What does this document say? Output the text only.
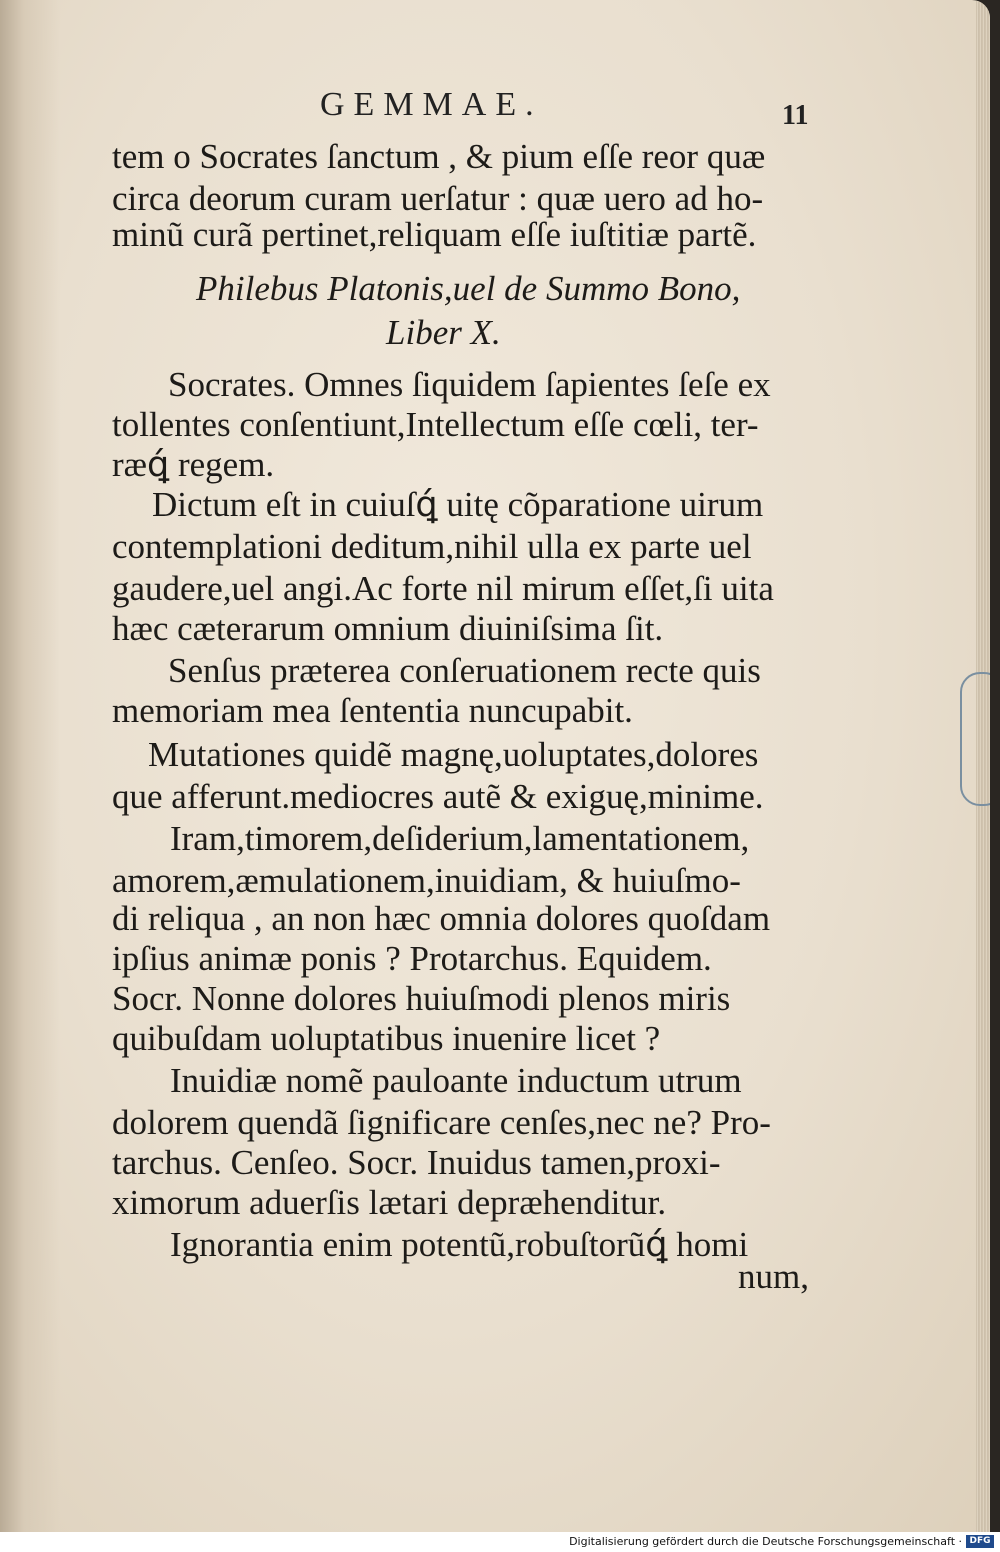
GEMMAE.	11
tem o Socrates ſanctum , & pium eſſe reor quæ
circa deorum curam uerſatur : quæ uero ad ho-
minũ curã pertinet,reliquam eſſe iuſtitiæ partẽ.
Philebus Platonis,uel de Summo Bono,
Liber X.
Socrates. Omnes ſiquidem ſapientes ſeſe ex
tollentes conſentiunt,Intellectum eſſe cœli, ter-
ræꝗ́ regem.
Dictum eſt in cuiuſꝗ́ uitę cõparatione uirum
contemplationi deditum,nihil ulla ex parte uel
gaudere,uel angi.Ac forte nil mirum eſſet,ſi uita
hæc cæterarum omnium diuiniſsima ſit.
Senſus præterea conſeruationem recte quis
memoriam mea ſententia nuncupabit.
Mutationes quidẽ magnę,uoluptates,dolores
que afferunt.mediocres autẽ & exiguę,minime.
Iram,timorem,deſiderium,lamentationem,
amorem,æmulationem,inuidiam, & huiuſmo-
di reliqua , an non hæc omnia dolores quoſdam
ipſius animæ ponis ? Protarchus. Equidem.
Socr. Nonne dolores huiuſmodi plenos miris
quibuſdam uoluptatibus inuenire licet ?
Inuidiæ nomẽ pauloante inductum utrum
dolorem quendã ſignificare cenſes,nec ne? Pro-
tarchus. Cenſeo. Socr. Inuidus tamen,proxi-
ximorum aduerſis lætari depræhenditur.
Ignorantia enim potentũ,robuſtorũꝗ́ homi
num,
Digitalisierung gefördert durch die Deutsche Forschungsgemeinschaft · DFG
